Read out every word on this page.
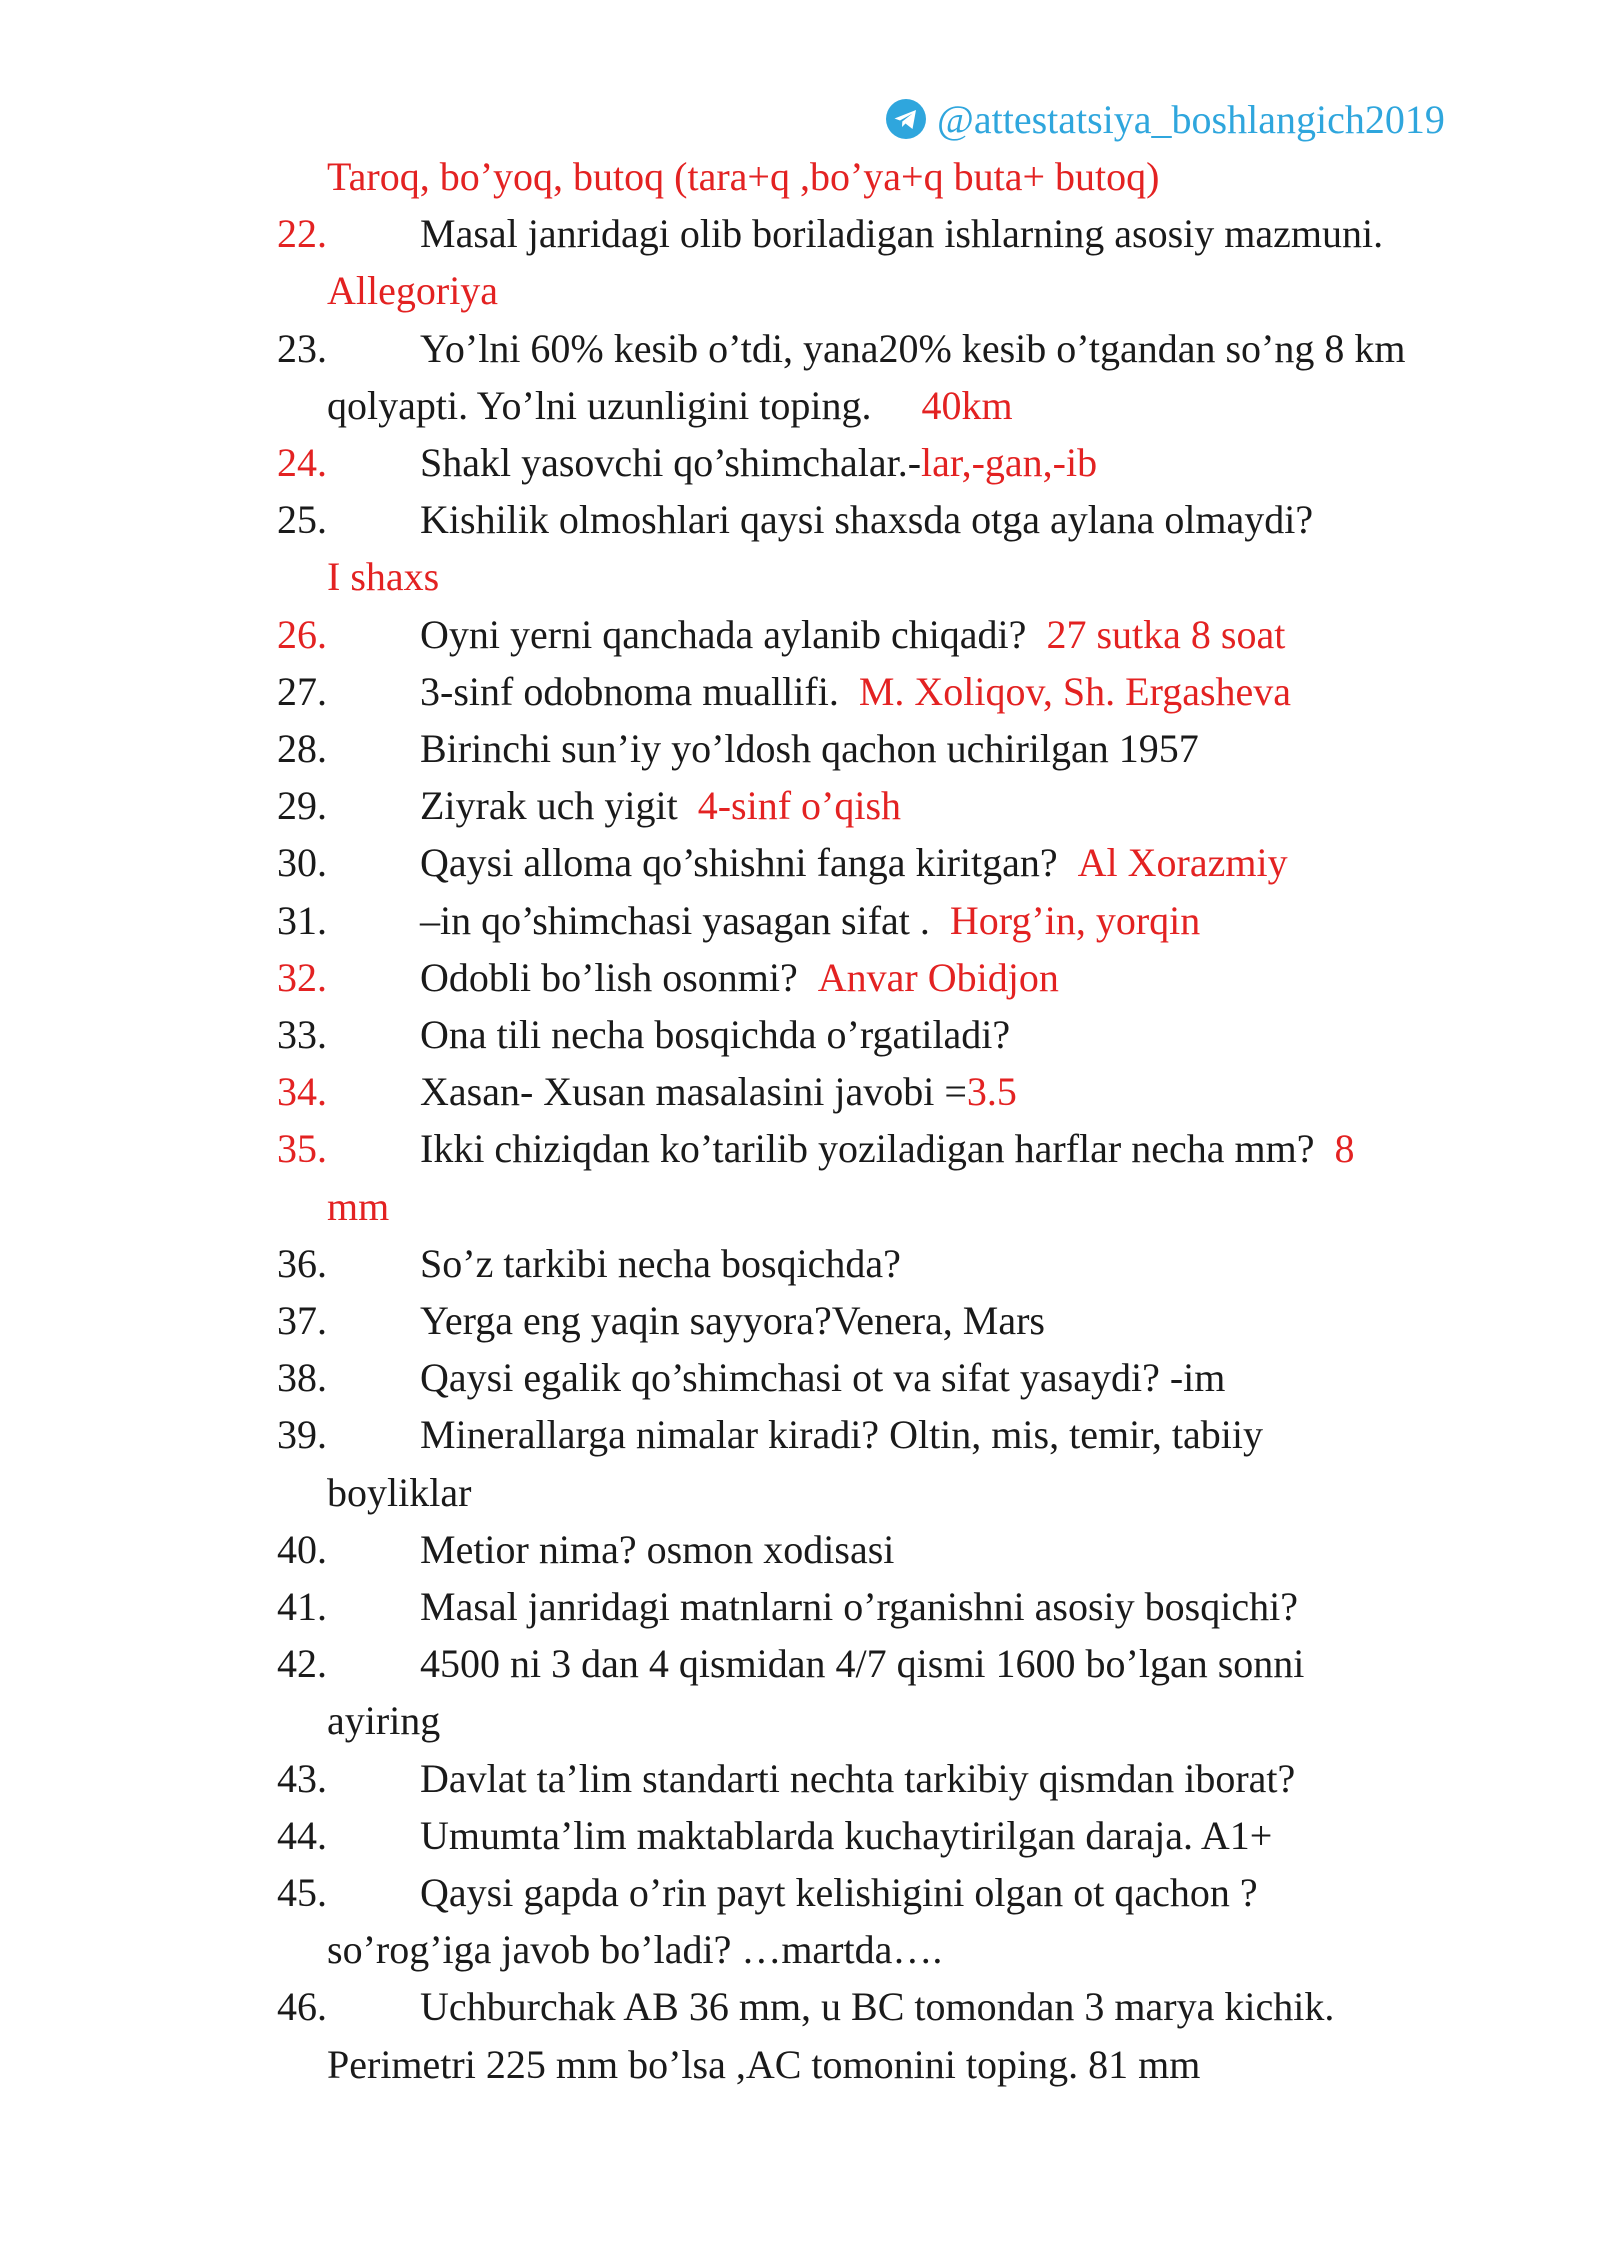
@attestatsiya_boshlangich2019
Taroq, bo’yoq, butoq (tara+q ,bo’ya+q buta+ butoq)
22. Masal janridagi olib boriladigan ishlarning asosiy mazmuni.
Allegoriya
23. Yo’lni 60% kesib o’tdi, yana20% kesib o’tgandan so’ng 8 km
qolyapti. Yo’lni uzunligini toping. 40km
24. Shakl yasovchi qo’shimchalar.-lar,-gan,-ib
25. Kishilik olmoshlari qaysi shaxsda otga aylana olmaydi?
I shaxs
26. Oyni yerni qanchada aylanib chiqadi? 27 sutka 8 soat
27. 3-sinf odobnoma muallifi. M. Xoliqov, Sh. Ergasheva
28. Birinchi sun’iy yo’ldosh qachon uchirilgan 1957
29. Ziyrak uch yigit 4-sinf o’qish
30. Qaysi alloma qo’shishni fanga kiritgan? Al Xorazmiy
31. –in qo’shimchasi yasagan sifat . Horg’in, yorqin
32. Odobli bo’lish osonmi? Anvar Obidjon
33. Ona tili necha bosqichda o’rgatiladi?
34. Xasan- Xusan masalasini javobi =3.5
35. Ikki chiziqdan ko’tarilib yoziladigan harflar necha mm? 8
mm
36. So’z tarkibi necha bosqichda?
37. Yerga eng yaqin sayyora?Venera, Mars
38. Qaysi egalik qo’shimchasi ot va sifat yasaydi? -im
39. Minerallarga nimalar kiradi? Oltin, mis, temir, tabiiy
boyliklar
40. Metior nima? osmon xodisasi
41. Masal janridagi matnlarni o’rganishni asosiy bosqichi?
42. 4500 ni 3 dan 4 qismidan 4/7 qismi 1600 bo’lgan sonni
ayiring
43. Davlat ta’lim standarti nechta tarkibiy qismdan iborat?
44. Umumta’lim maktablarda kuchaytirilgan daraja. A1+
45. Qaysi gapda o’rin payt kelishigini olgan ot qachon ?
so’rog’iga javob bo’ladi? …martda….
46. Uchburchak AB 36 mm, u BC tomondan 3 marya kichik.
Perimetri 225 mm bo’lsa ,AC tomonini toping. 81 mm
